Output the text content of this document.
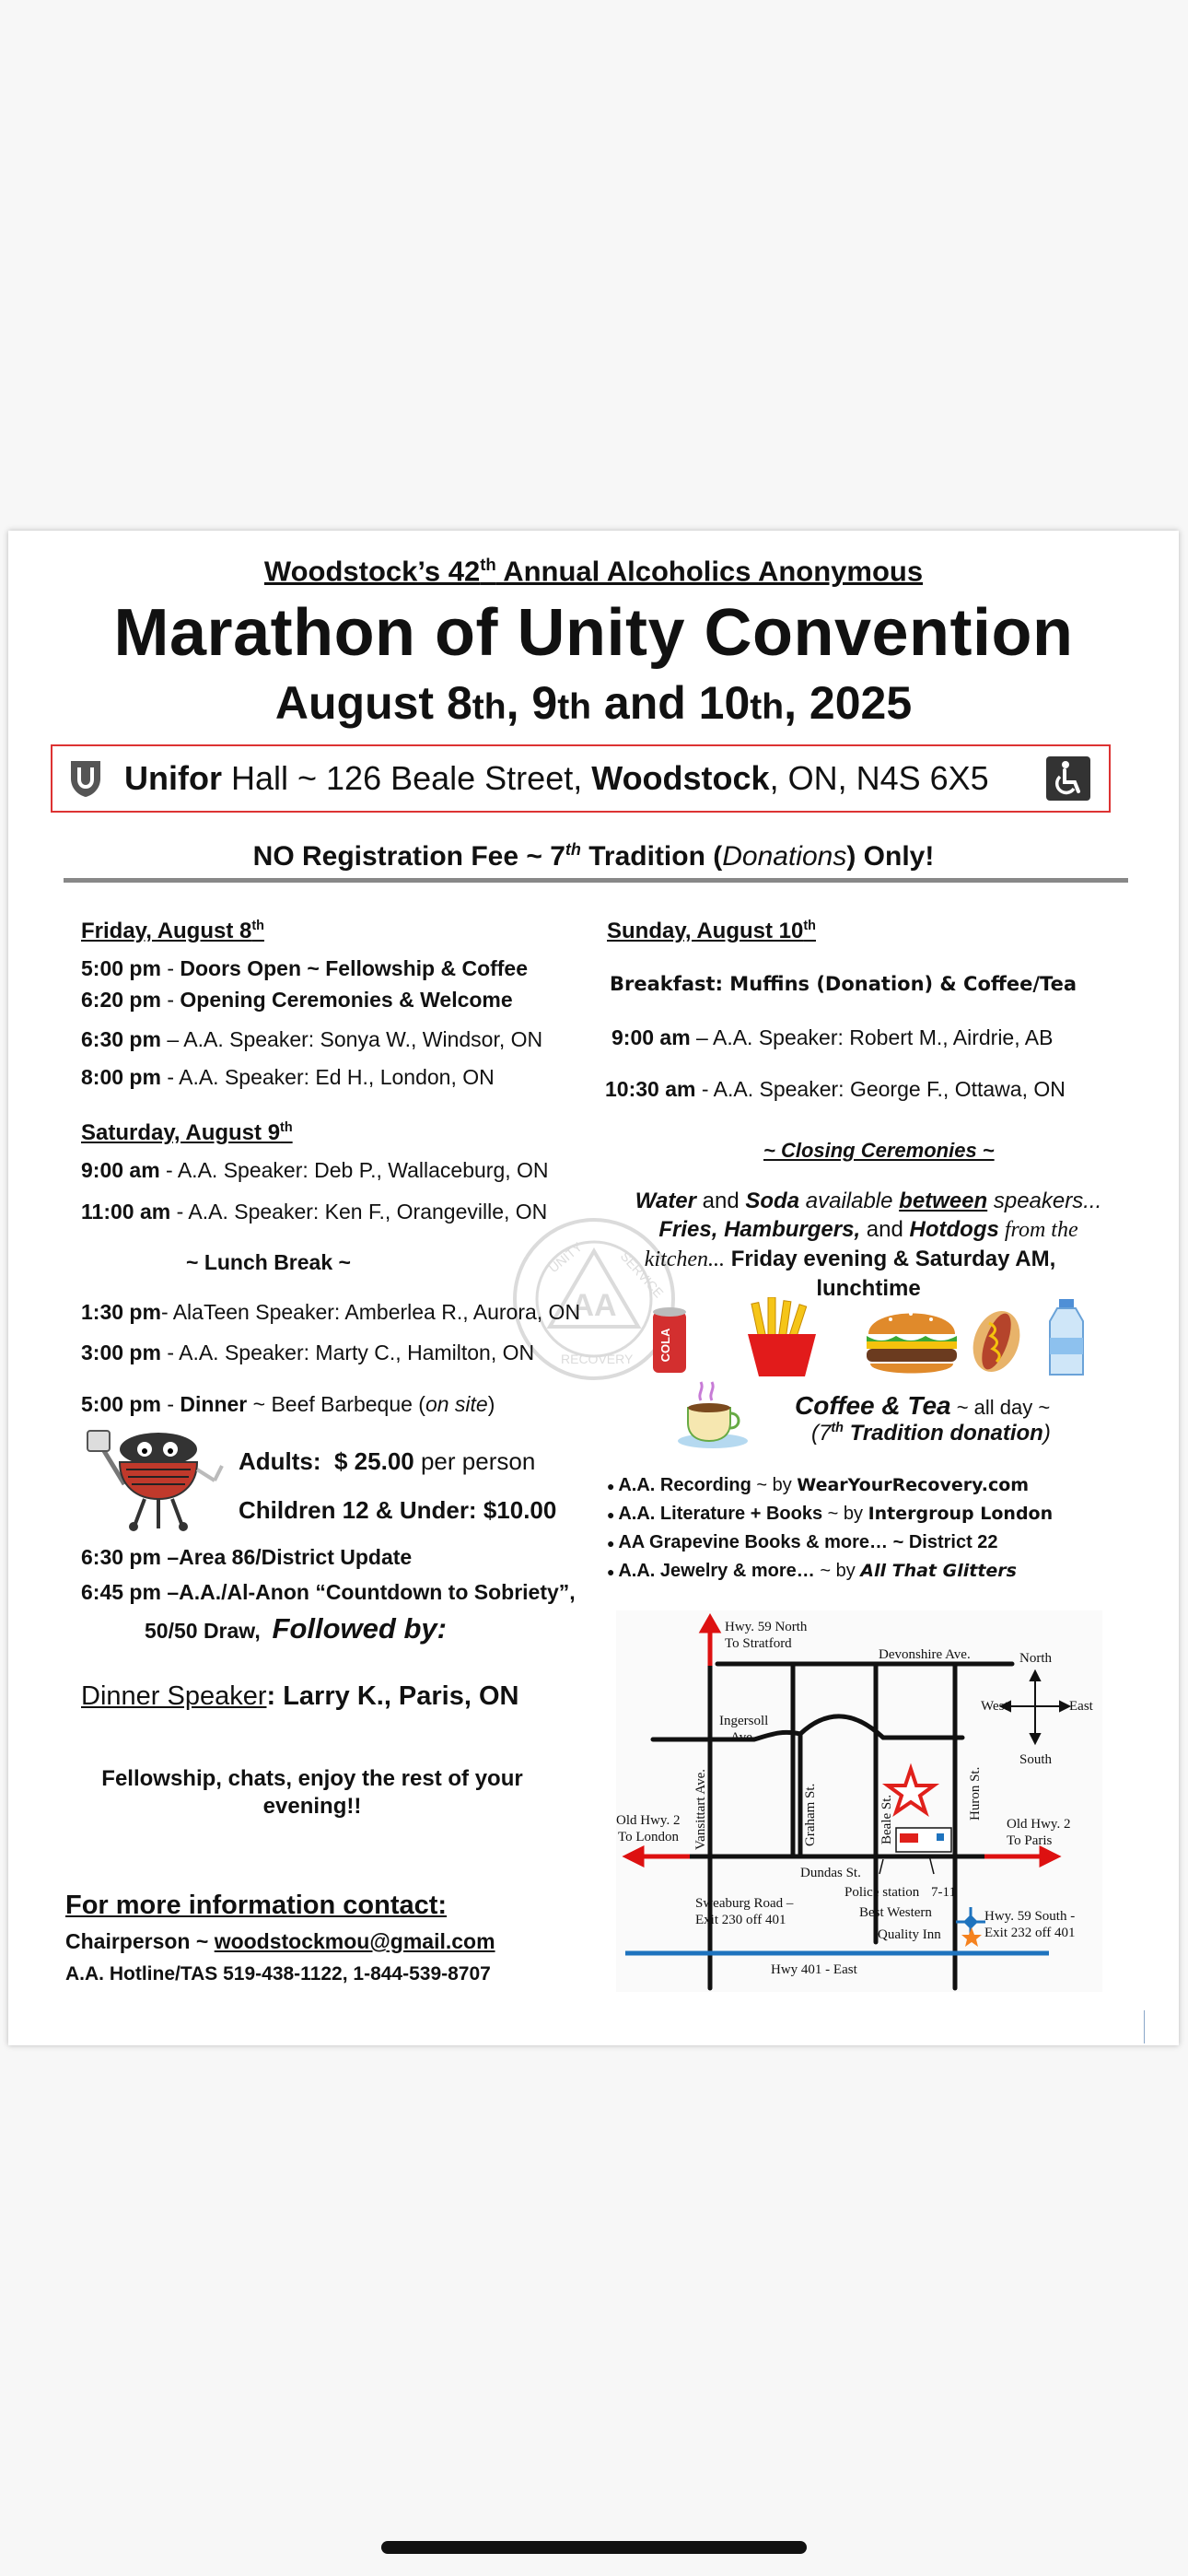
Woodstock’s 42th Annual Alcoholics Anonymous
Marathon of Unity Convention
August 8th, 9th and 10th, 2025
Unifor Hall ~ 126 Beale Street, Woodstock, ON, N4S 6X5
NO Registration Fee ~ 7th Tradition (Donations) Only!
AA
UNITY	SERVICE
RECOVERY
Friday, August 8th
5:00 pm - Doors Open ~ Fellowship & Coffee
6:20 pm - Opening Ceremonies & Welcome
6:30 pm – A.A. Speaker: Sonya W., Windsor, ON
8:00 pm - A.A. Speaker: Ed H., London, ON
Saturday, August 9th
9:00 am - A.A. Speaker: Deb P., Wallaceburg, ON
11:00 am - A.A. Speaker: Ken F., Orangeville, ON
~ Lunch Break ~
1:30 pm- AlaTeen Speaker: Amberlea R., Aurora, ON
3:00 pm - A.A. Speaker: Marty C., Hamilton, ON
5:00 pm - Dinner ~ Beef Barbeque (on site)
Adults: $ 25.00 per person
Children 12 & Under: $10.00
6:30 pm –Area 86/District Update
6:45 pm –A.A./Al-Anon “Countdown to Sobriety”,
50/50 Draw, Followed by:
Dinner Speaker: Larry K., Paris, ON
Fellowship, chats, enjoy the rest of your evening!!
For more information contact:
Chairperson ~ woodstockmou@gmail.com
A.A. Hotline/TAS 519-438-1122, 1-844-539-8707
Sunday, August 10th
Breakfast: Muffins (Donation) & Coffee/Tea
9:00 am – A.A. Speaker: Robert M., Airdrie, AB
10:30 am - A.A. Speaker: George F., Ottawa, ON
~ Closing Ceremonies ~
Water and Soda available between speakers...
Fries, Hamburgers, and Hotdogs from the
kitchen... Friday evening & Saturday AM,
lunchtime
COLA
Coffee & Tea ~ all day ~
(7th Tradition donation)
● A.A. Recording ~ by WearYourRecovery.com
● A.A. Literature + Books ~ by Intergroup London
● AA Grapevine Books & more… ~ District 22
● A.A. Jewelry & more… ~ by All That Glitters
Hwy. 59 North
To Stratford
Devonshire Ave.	North
West	East
South
Ingersoll
Ave.
Vansittart Ave.	Graham St.	Beale St.	Huron St.
Old Hwy. 2
To London
Old Hwy. 2
To Paris
Dundas St.
Police station 7-11
Sweaburg Road –
Exit 230 off 401	Best Western
Quality Inn
Hwy. 59 South -
Exit 232 off 401
Hwy 401 - East
